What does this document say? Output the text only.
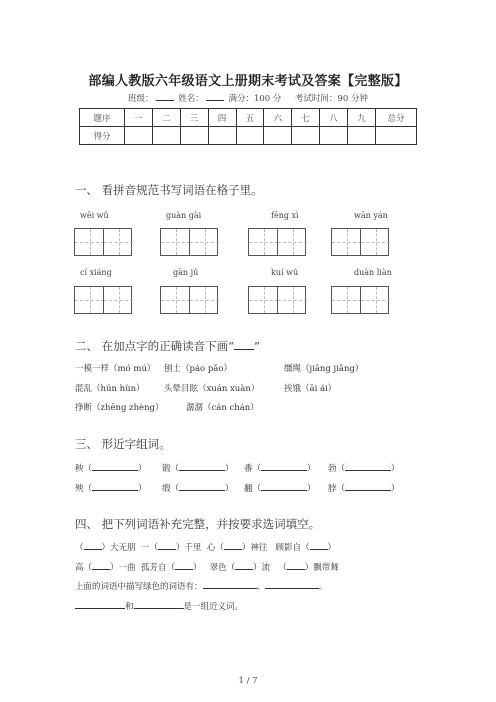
部编人教版六年级语文上册期末考试及答案【完整版】
班级：	姓名：	满分：100 分 考试时间：90 分钟
题序	一	二	三	四	五	六	七	八	九	总分
得分										
一、 看拼音规范书写词语在格子里。
wēi wǔ	guàn gài	fēng xì	wān yán
cí xiáng	gān jú	kuí wú	duàn liàn
二、 在加点字的正确读音下画“ ”
一模一样（mó mú） 刨土（páo pǎo）	缰绳（jiāng jiǎng）
混乱（hún hùn） 头晕目眩（xuán xuàn）	挨饿（āi ái）
挣断（zhēng zhèng）	潺潺（cán chán）
三、 形近字组词。
秧（	） 锻（	） 番（	） 勃（	）
殃（	） 缎（	） 翻（	） 脖（	）
四、 把下列词语补充完整，并按要求选词填空。
（ ）大无朋 一（ ）千里 心（ ）神往 顾影自（ ）
高（ ）一曲 孤芳自（ ） 翠色（ ）流   （ ）飘带舞
上面的词语中描写绿色的词语有：	、	。
和	是一组近义词。
1 / 7
